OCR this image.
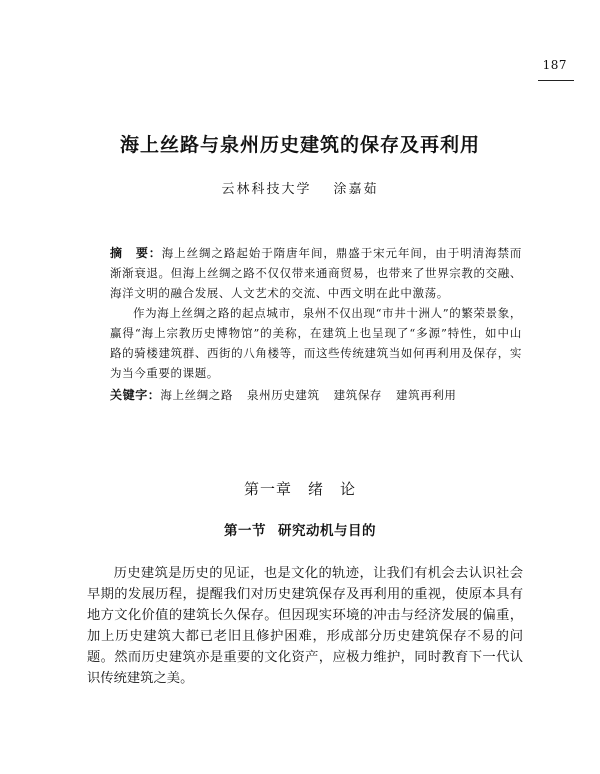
187
海上丝路与泉州历史建筑的保存及再利用
云林科技大学 涂嘉茹

摘　要：海上丝绸之路起始于隋唐年间，鼎盛于宋元年间，由于明清海禁而渐渐衰退。但海上丝绸之路不仅仅带来通商贸易，也带来了世界宗教的交融、海洋文明的融合发展、人文艺术的交流、中西文明在此中激荡。

作为海上丝绸之路的起点城市，泉州不仅出现“市井十洲人”的繁荣景象，赢得“海上宗教历史博物馆”的美称，在建筑上也呈现了“多源”特性，如中山路的骑楼建筑群、西街的八角楼等，而这些传统建筑当如何再利用及保存，实为当今重要的课题。

关键字：海上丝绸之路 泉州历史建筑 建筑保存 建筑再利用

第一章 绪　论
第一节 研究动机与目的

历史建筑是历史的见证，也是文化的轨迹，让我们有机会去认识社会早期的发展历程，提醒我们对历史建筑保存及再利用的重视，使原本具有地方文化价值的建筑长久保存。但因现实环境的冲击与经济发展的偏重，加上历史建筑大都已老旧且修护困难，形成部分历史建筑保存不易的问题。然而历史建筑亦是重要的文化资产，应极力维护，同时教育下一代认识传统建筑之美。
